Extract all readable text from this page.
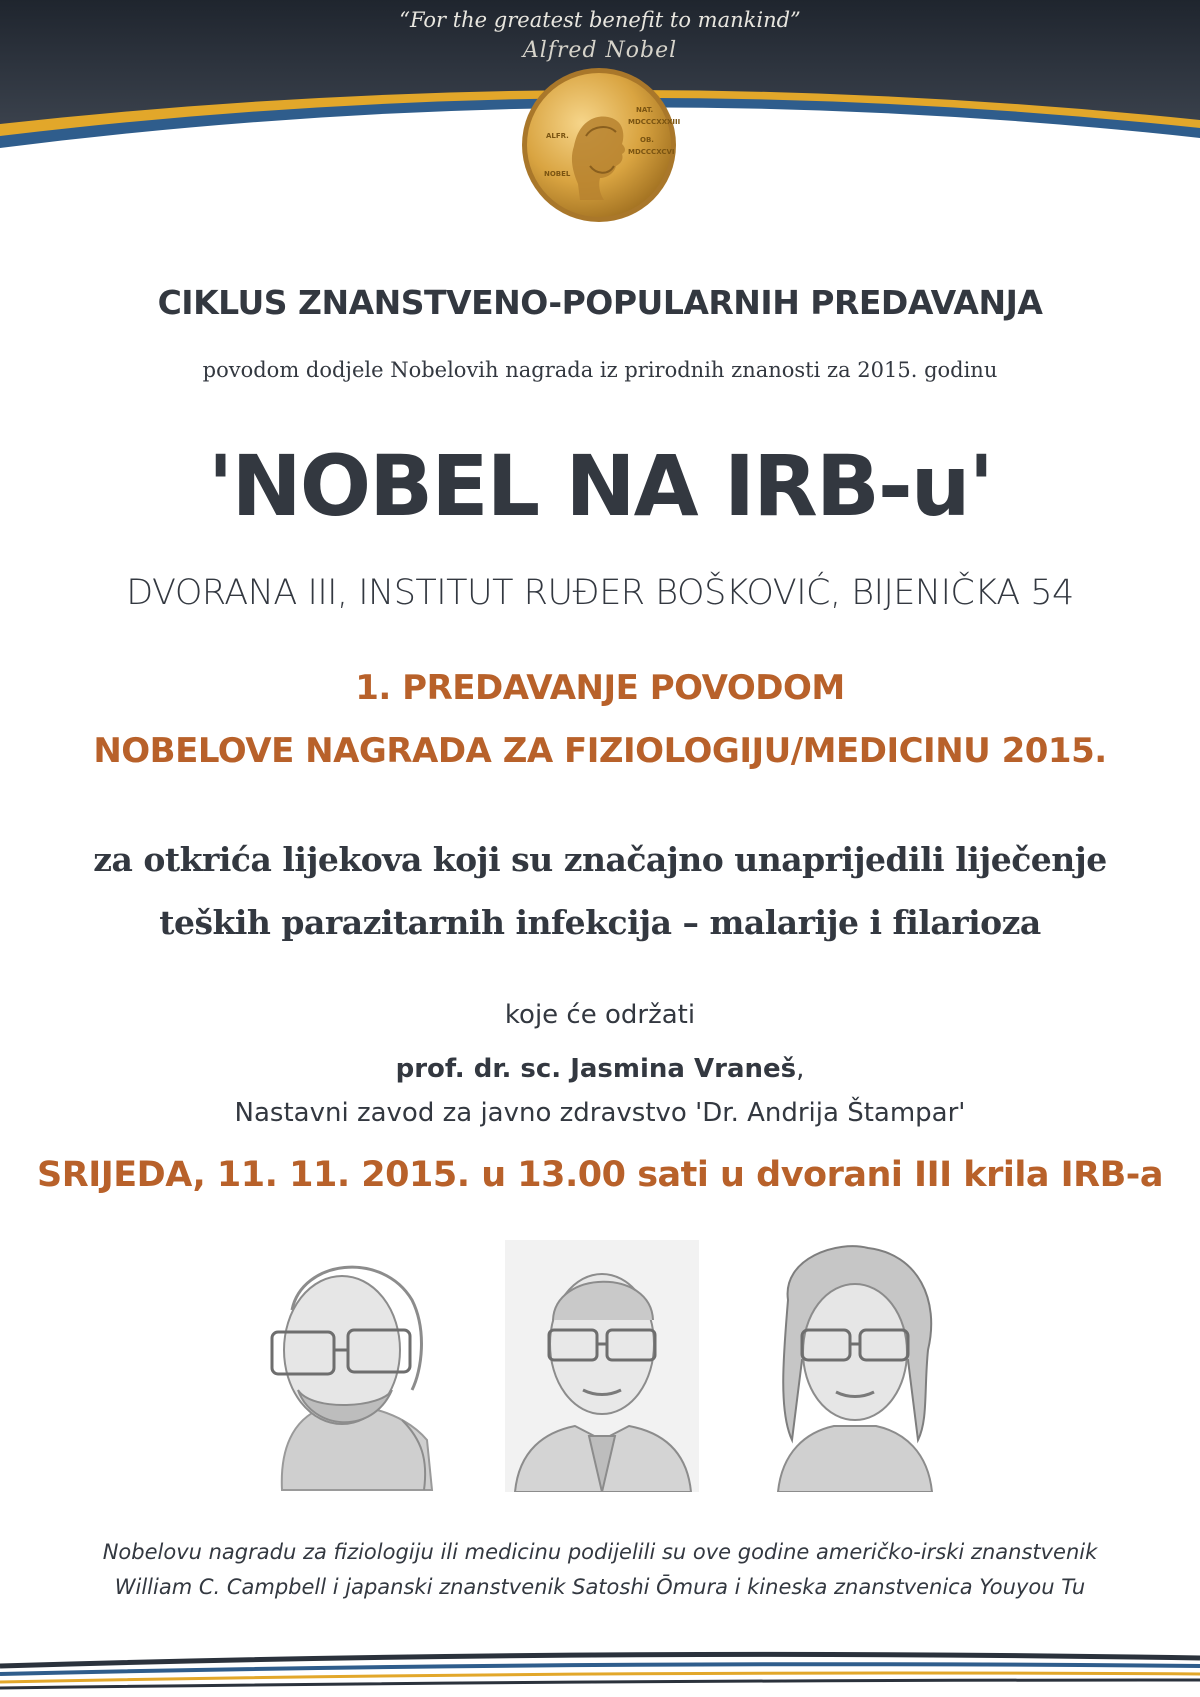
“For the greatest benefit to mankind”
Alfred Nobel
ALFR.
NOBEL
NAT.
MDCCCXXXIII
OB.
MDCCCXCVI
CIKLUS ZNANSTVENO-POPULARNIH PREDAVANJA
povodom dodjele Nobelovih nagrada iz prirodnih znanosti za 2015. godinu
'NOBEL NA IRB-u'
DVORANA III, INSTITUT RUĐER BOŠKOVIĆ, BIJENIČKA 54
1. PREDAVANJE POVODOM
NOBELOVE NAGRADA ZA FIZIOLOGIJU/MEDICINU 2015.
za otkrića lijekova koji su značajno unaprijedili liječenje
teških parazitarnih infekcija – malarije i filarioza
koje će održati
prof. dr. sc. Jasmina Vraneš,
Nastavni zavod za javno zdravstvo 'Dr. Andrija Štampar'
SRIJEDA, 11. 11. 2015. u 13.00 sati u dvorani III krila IRB-a
Nobelovu nagradu za fiziologiju ili medicinu podijelili su ove godine američko-irski znanstvenik
William C. Campbell i japanski znanstvenik Satoshi Ōmura i kineska znanstvenica Youyou Tu
